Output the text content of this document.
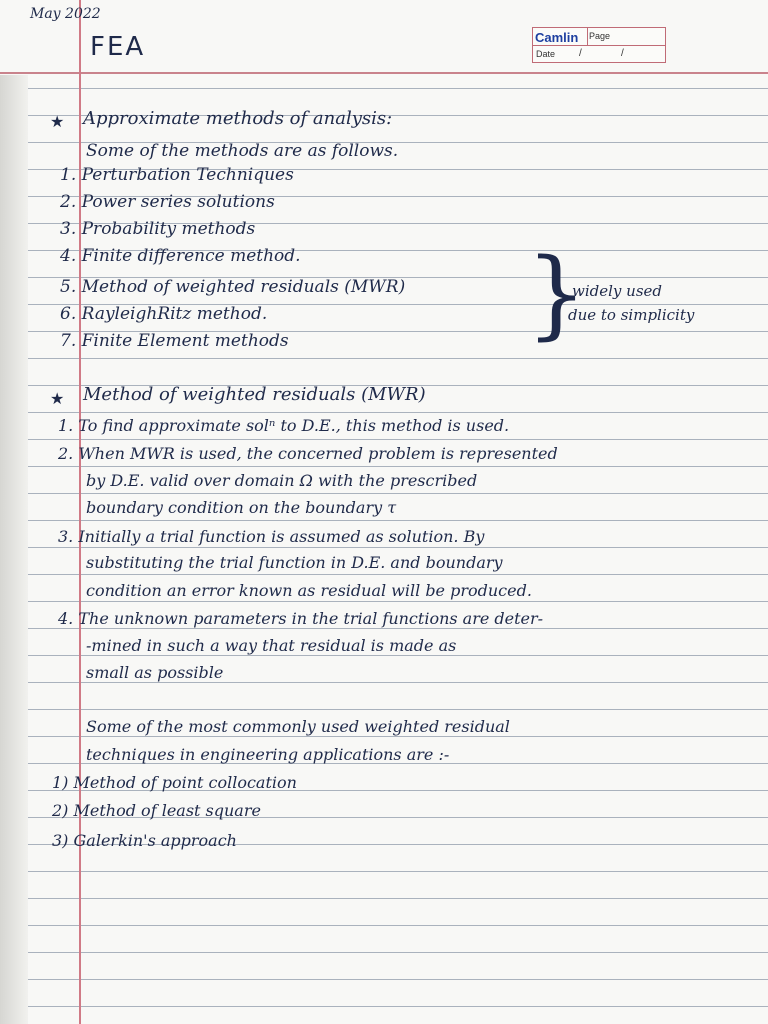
May 2022
FEA	Camlin Page
Date /	/
★ Approximate methods of analysis:
Some of the methods are as follows.
1. Perturbation Techniques
2. Power series solutions
3. Probability methods
4. Finite difference method.
5. Method of weighted residuals (MWR)
6. RayleighRitz method.
7. Finite Element methods }
widely used
due to simplicity
★ Method of weighted residuals (MWR)
1. To find approximate solⁿ to D.E., this method is used.
2. When MWR is used, the concerned problem is represented
by D.E. valid over domain Ω with the prescribed
boundary condition on the boundary τ
3. Initially a trial function is assumed as solution. By
substituting the trial function in D.E. and boundary
condition an error known as residual will be produced.
4. The unknown parameters in the trial functions are deter-
-mined in such a way that residual is made as
small as possible
Some of the most commonly used weighted residual
techniques in engineering applications are :-
1) Method of point collocation
2) Method of least square
3) Galerkin's approach
